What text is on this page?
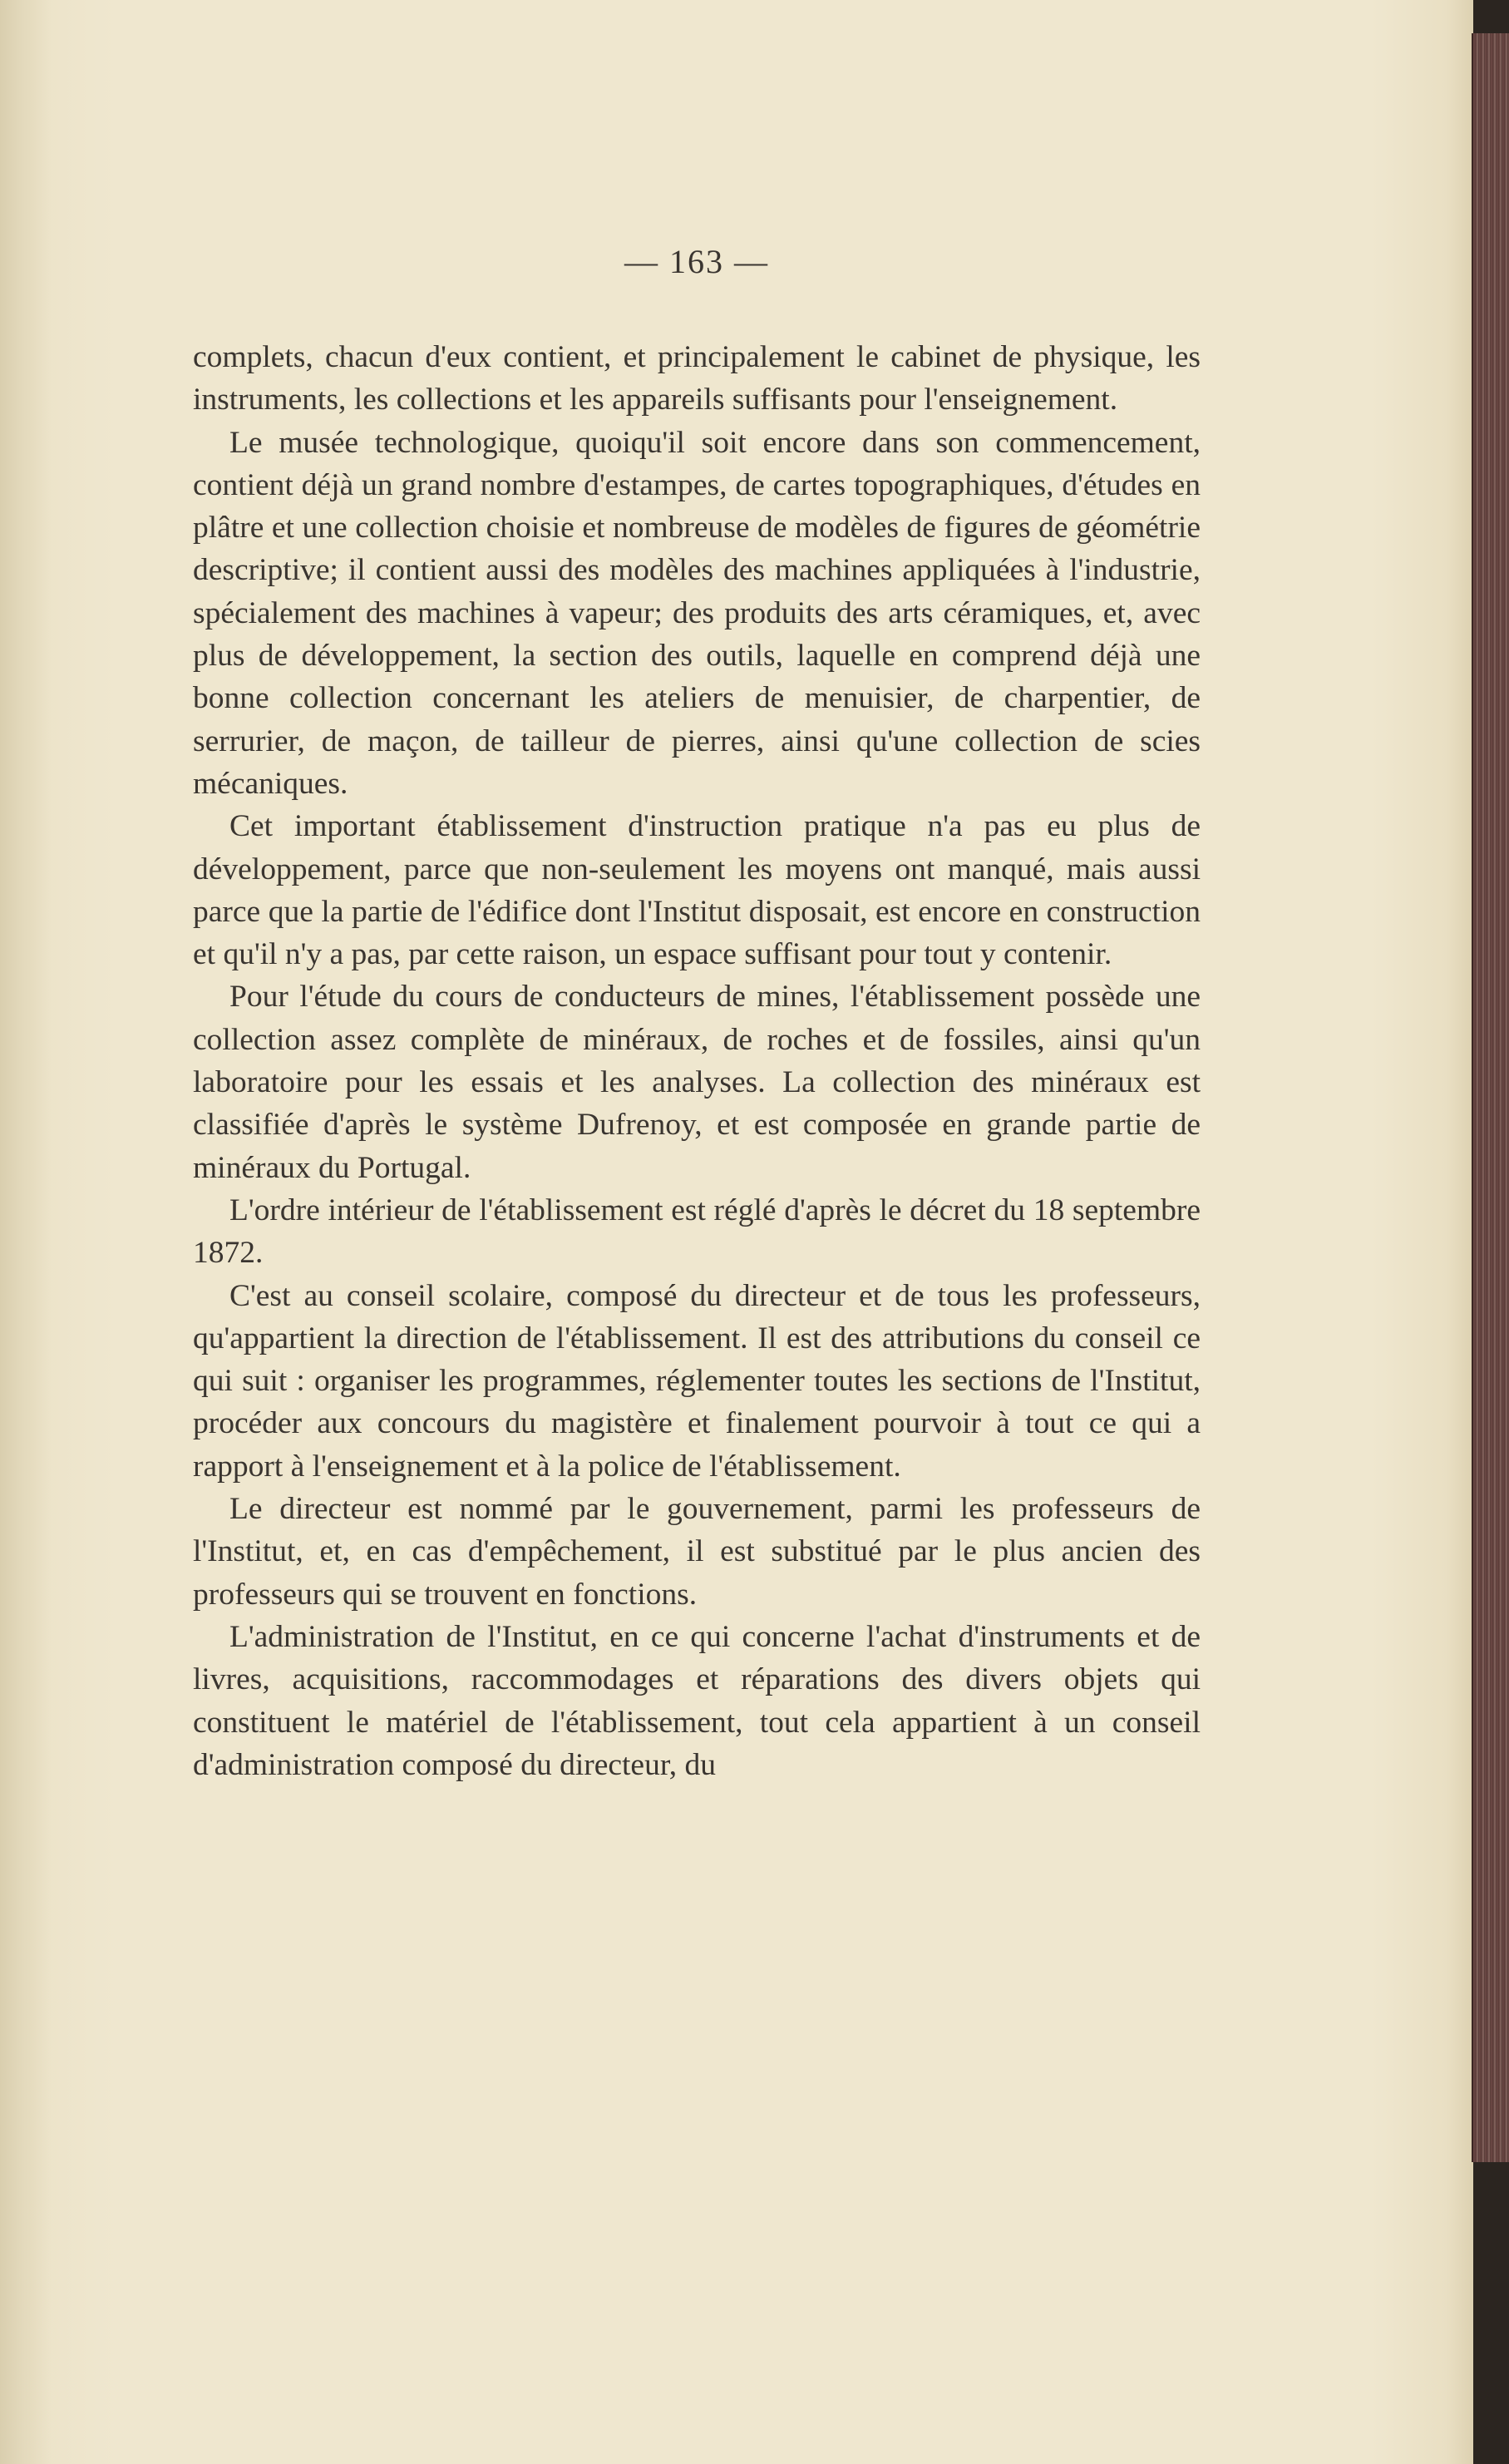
— 163 —

complets, chacun d'eux contient, et principalement le cabinet de physique, les instruments, les collections et les appareils suffisants pour l'enseignement.

Le musée technologique, quoiqu'il soit encore dans son commencement, contient déjà un grand nombre d'estampes, de cartes topographiques, d'études en plâtre et une collection choisie et nombreuse de modèles de figures de géométrie descriptive; il contient aussi des modèles des machines appliquées à l'industrie, spécialement des machines à vapeur; des produits des arts céramiques, et, avec plus de développement, la section des outils, laquelle en comprend déjà une bonne collection concernant les ateliers de menuisier, de charpentier, de serrurier, de maçon, de tailleur de pierres, ainsi qu'une collection de scies mécaniques.

Cet important établissement d'instruction pratique n'a pas eu plus de développement, parce que non-seulement les moyens ont manqué, mais aussi parce que la partie de l'édifice dont l'Institut disposait, est encore en construction et qu'il n'y a pas, par cette raison, un espace suffisant pour tout y contenir.

Pour l'étude du cours de conducteurs de mines, l'établissement possède une collection assez complète de minéraux, de roches et de fossiles, ainsi qu'un laboratoire pour les essais et les analyses. La collection des minéraux est classifiée d'après le système Dufrenoy, et est composée en grande partie de minéraux du Portugal.

L'ordre intérieur de l'établissement est réglé d'après le décret du 18 septembre 1872.

C'est au conseil scolaire, composé du directeur et de tous les professeurs, qu'appartient la direction de l'établissement. Il est des attributions du conseil ce qui suit : organiser les programmes, réglementer toutes les sections de l'Institut, procéder aux concours du magistère et finalement pourvoir à tout ce qui a rapport à l'enseignement et à la police de l'établissement.

Le directeur est nommé par le gouvernement, parmi les professeurs de l'Institut, et, en cas d'empêchement, il est substitué par le plus ancien des professeurs qui se trouvent en fonctions.

L'administration de l'Institut, en ce qui concerne l'achat d'instruments et de livres, acquisitions, raccommodages et réparations des divers objets qui constituent le matériel de l'établissement, tout cela appartient à un conseil d'administration composé du directeur, du
